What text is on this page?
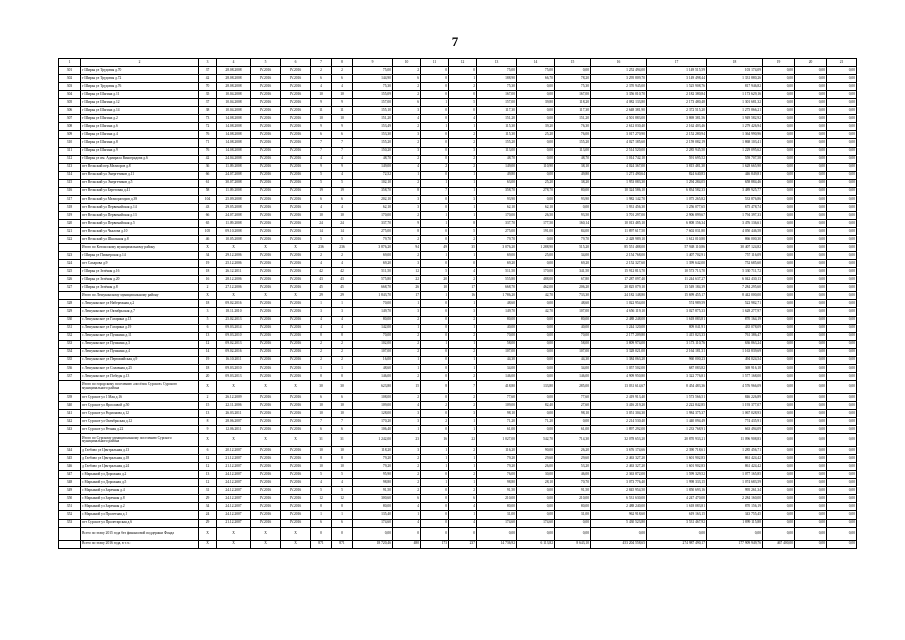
7
1	2	3	4	5	6	7	8	9	10	11	12	13	14	15	16	17	18	19	20	21
301	г Ширья ул Трудовая д.70	37	28.08.2008	IV.2016	IV.2016	2	2	75,00	2	0	0	75,00	75,00	0,00	1 252 494,00	1 149 515,59	103 174,09	0,00	0,00	0,00
302	г Ширья ул Трудовая д.72	42	28.08.2008	IV.2016	IV.2016	6	6	144,90	6	0	1	188,90	66,70	78,20	3 295 809,70	3 149 498,44	1 331 880,26	0,00	0,00	0,00
303	г Ширья ул Трудовая д.76	70	28.08.2008	IV.2016	IV.2016	4	4	75,30	2	0	2	75,30	0,00	75,30	2 370 945,00	1 525 908,76	817 946,82	0,00	0,00	0,00
304	г Ширья ул Шагина д.11	35	10.04.2008	IV.2016	IV.2016	10	10	155,09	2	0	0	167,00	0,00	167,00	3 356 010,70	2 182 380,84	1 173 629,16	0,00	0,00	0,00
305	г Ширья ул Шагина д.12	37	10.04.2008	IV.2016	IV.2016	9	9	157,00	6	1	5	157,00	39,80	118,20	4 082 133,80	2 173 480,48	1 301 681,32	0,00	0,00	0,00
306	г Ширья ул Шагина д.14	38	10.04.2008	IV.2016	IV.2016	11	11	155,10	3	0	0	117,30	0,00	117,30	2 648 381,90	2 372 515,20	1 275 866,21	0,00	0,00	0,00
307	г Ширья ул Шагина д.2	73	14.08.2008	IV.2016	IV.2016	10	10	151,20	4	0	4	151,20	0,00	151,20	4 501 883,00	3 869 381,56	1 949 582,92	0,00	0,00	0,00
308	г Ширья ул Шагина д.6	72	14.08.2008	IV.2016	IV.2016	9	9	153,49	2	1	1	115,30	39,20	76,30	2 612 030,40	2 162 403,46	1 279 426,94	0,00	0,00	0,00
309	г Ширья ул Шагина д.4	76	14.08.2008	IV.2016	IV.2016	6	6	153,30	3	0	2	115,30	25,20	76,00	3 017 270,90	2 152 280,94	1 364 990,96	0,00	0,00	0,00
310	г Ширья ул Шагина д.8	71	14.08.2008	IV.2016	IV.2016	7	7	155,20	2	0	2	155,20	0,00	155,20	4 027 185,60	2 159 082,19	1 868 103,41	0,00	0,00	0,00
311	г Ширья ул Шагина д.9	76	14.08.2008	IV.2016	IV.2016	7	7	150,20	3	0	3	113,00	0,00	113,00	2 514 520,00	2 285 945,50	1 229 095,62	0,00	0,00	0,00
312	г Ширья ул им. Адмирала Виноградова д.6	42	24.04.2008	IV.2016	IV.2016	4	4	48,70	2	0	2	48,70	0,00	48,70	1 014 742,10	591 695,52	559 707,58	0,00	0,00	0,00
313	пгт Вельский пер.Мелиоров д.8	36	11.09.2008	IV.2016	IV.2016	9	9	149,00	4	2	2	149,00	110,90	38,10	4 024 367,00	3 815 481,30	1 628 665,90	0,00	0,00	0,00
314	пгт Вельский ул Энергетиков д.11	66	24.07.2008	IV.2016	IV.2016	5	4	72,52	1	0	1	49,80	0,00	49,80	1 271 490,64	824 640,83	446 849,81	0,00	0,00	0,00
315	пгт Вельский ул Энергетиков д.5	61	30.07.2008	IV.2016	IV.2016	5	5	102,10	2	1	1	63,00	25,20	38,20	1 953 083,30	1 294 284,05	658 884,46	0,00	0,00	0,00
316	пгт Вельский ул Береговая д.41	58	11.09.2008	IV.2016	IV.2016	19	19	358,70	8	7	1	358,70	278,70	80,00	10 324 586,10	6 834 582,33	3 489 925,77	0,00	0,00	0,00
317	пгт Вельский ул Мелиораторов д.39	104	25.09.2008	IV.2016	IV.2016	6	6	202,10	3	0	3	93,90	0,00	93,90	1 982 142,70	1 075 265,82	533 876,86	0,00	0,00	0,00
318	пгт Вельский ул Первомайская д.14	43	29.05.2008	IV.2016	IV.2016	4	4	62,10	3	0	1	62,10	62,10	0,00	1 931 456,30	1 256 077,65	675 478,74	0,00	0,00	0,00
319	пгт Вельский ул Первомайская д.13	66	24.07.2008	IV.2016	IV.2016	10	10	170,00	2	1	1	170,00	26,50	93,50	3 701 297,00	2 906 899,67	1 794 397,33	0,00	0,00	0,00
320	пгт Вельский ул Первомайская д.5	65	11.09.2008	IV.2016	IV.2016	24	24	337,70	9	1	8	337,70	177,50	160,14	10 013 485,10	6 808 156,34	3 476 136,61	0,00	0,00	0,00
321	пгт Вельский ул Чкалова д.10	105	09.10.2008	IV.2016	IV.2016	14	14	275,00	8	0	5	275,00	191,00	84,00	11 897 617,50	7 602 031,80	4 050 446,58	0,00	0,00	0,00
322	пгт Вельский ул Школьная д.8	46	10.05.2008	IV.2016	IV.2016	5	5	79,70	2	0	2	79,70	0,00	79,70	2 428 989,10	1 612 010,80	866 000,30	0,00	0,00	0,00
	Итого по Котласскому муниципальному району	X	X	X	X	236	236	3 876,20	94	49	35	3 076,20	1 288,90	515,20	85 551 488,00	57 948 110,86	30 407 124,82	0,00	0,00	0,00
323	г Ширья ул Пионерская д.14	34	29.12.2006	IV.2016	IV.2016	2	2	69,00	2	1	1	69,00	25,00	34,00	2 154 768,00	1 407 702,91	757 116,09	0,00	0,00	0,00
324	пгт Сахарова д.9	19	25.12.2006	IV.2016	IV.2016	4	4	69,20	3	0	0	69,20	0,00	69,20	2 152 327,60	1 399 642,00	752 685,60	0,00	0,00	0,00
325	г Ширья ул Зелёная д.16	18	26.12.2011	IV.2016	IV.2016	42	42	511,50	12	5	4	511,50	170,00	341,50	15 912 813,70	10 573 713,70	5 330 711,72	0,00	0,00	0,00
326	г Ширья ул Зелёная д.20	16	28.12.2006	IV.2016	IV.2016	43	43	575,80	22	20	2	555,80	488,00	67,80	17 287 097,40	11 244 637,27	6 042 430,13	0,00	0,00	0,00
327	г Ширья ул Зелёная д.8	2	27.12.2006	IV.2016	IV.2016	45	45	668,70	26	10	17	668,70	462,00	206,20	20 825 079,10	13 549 184,39	7 284 295,60	0,00	0,00	0,00
	Итого по Лешуконскому муниципальному району	X	X	X	X	29	29	1 843,70	17	1	16	1 786,20	42,70	733,30	24 182 148,80	15 699 455,17	8 442 000,00	0,00	0,00	0,00
328	с Лешуконское ул Набережная д.2	18	09.02.2016	IV.2016	IV.2016	1	1	70,00	1	0	1	48,60	0,00	48,60	1 022 954,00	574 989,59	522 982,71	0,00	0,00	0,00
329	с Лешуконское ул Октябрьская д.7	3	18.11.2010	IV.2016	IV.2016	3	3	149,70	3	0	3	149,70	42,70	107,00	4 656 119,10	3 027 875,33	1 628 277,97	0,00	0,00	0,00
330	с Лешуконское ул Гагарина д.13	5	25.02.2013	IV.2016	IV.2016	4	4	80,00	2	0	2	80,00	0,00	80,00	2 488 248,00	1 618 083,81	870 164,19	0,00	0,00	0,00
331	с Лешуконское ул Гагарина д.19	6	09.03.2014	IV.2016	IV.2016	4	4	142,00	1	0	1	40,00	0,00	40,00	1 244 120,00	809 041,91	435 078,09	0,00	0,00	0,00
332	с Лешуконское ул Пушкина д.11	13	09.03.2010	IV.2016	IV.2016	8	8	70,00	2	0	2	70,00	0,00	70,00	2 177 209,80	1 415 823,33	761 386,47	0,00	0,00	0,00
333	с Лешуконское ул Пушкина д.3	12	09.02.2013	IV.2016	IV.2016	2	2	102,00	2	1	1	58,00	0,00	58,00	3 809 974,00	3 173 110,76	636 863,24	0,00	0,00	0,00
334	с Лешуконское ул Пушкина д.4	14	09.02.2016	IV.2016	IV.2016	2	2	107,00	2	0	2	107,00	0,00	107,00	3 328 021,00	2 164 181,31	1 163 839,69	0,00	0,00	0,00
335	с Лешуконское ул Первомайская д.9	19	16.10.2011	IV.2016	IV.2016	2	2	16,00	1	0	1	44,30	0,00	44,30	1 384 063,20	960 000,23	494 024,54	0,00	0,00	0,00
336	с Лешуконское ул Сплавная д.25	18	09.03.2010	IV.2016	IV.2016	1	1	48,60	1	0	1	34,00	0,00	34,00	1 057 502,00	687 083,82	369 916,18	0,00	0,00	0,00
337	с Лешуконское ул Победы д.13	20	09.03.2013	IV.2016	IV.2016	8	8	146,00	2	0	2	146,00	0,00	146,00	4 909 950,80	3 322 776,81	1 577 168,00	0,00	0,00	0,00
	Итого по городскому поселению «посёлок Сурское» Сурского муниципального района	X	X	X	X	30	30	623,80	15	8	7	418,80	133,80	285,00	13 031 614,67	8 454 483,36	4 576 966,09	0,00	0,00	0,00
339	пгт Сурское ул 1 Мая д.16	2	26.12.2009	IV.2016	IV.2016	6	6	108,00	2	0	2	77,60	0,00	77,60	2 419 913,40	1 573 566,51	846 226,89	0,00	0,00	0,00
340	пгт Сурское ул Ярославой д.50	15	22.11.2006	IV.2016	IV.2016	10	10	109,00	4	2	2	109,00	82,40	27,60	3 416 219,20	2 222 842,85	1 193 377,07	0,00	0,00	0,00
341	пгт Сурское ул Родионова д.12	13	26.03.2011	IV.2016	IV.2016	10	10	128,00	3	0	3	98,10	0,00	98,10	3 051 304,30	1 984 375,37	1 067 028,93	0,00	0,00	0,00
342	пгт Сурское ул Октябрьская д.12	8	28.06.2007	IV.2016	IV.2016	7	7	170,20	3	2	1	71,20	71,20	0,00	2 214 530,40	1 440 094,49	774 435,91	0,00	0,00	0,00
343	пгт Сурское ул Речная д.22	9	12.06.2011	IV.2016	IV.2016	6	6	106,40	1	0	1	61,00	0,00	61,00	1 897 292,00	1 233 768,91	663 494,09	0,00	0,00	0,00
	Итого по Сурскому муниципальному поселению Сурского муниципального района	X	X	X	X	31	31	1 242,00	23	16	22	1 027,00	542,70	714,30	32 078 653,20	20 870 933,21	11 096 908,83	0,00	0,00	0,00
344	д Глебово ул Центральная д.13	6	20.12.2007	IV.2016	IV.2016	10	10	118,20	3	1	2	116,20	90,00	26,20	3 676 174,66	2 390 718,61	1 285 456,71	0,00	0,00	0,00
345	д Глебово ул Центральная д.18	12	21.12.2007	IV.2016	IV.2016	8	8	79,20	2	1	1	79,20	29,60	29,60	2 463 327,20	1 601 902,83	861 424,42	0,00	0,00	0,00
346	д Глебово ул Центральная д.24	12	21.12.2007	IV.2016	IV.2016	10	10	79,20	2	1	1	79,20	26,00	53,20	2 463 327,20	1 601 902,83	861 424,42	0,00	0,00	0,00
347	с Марьиной ул Дорожная д.2	13	24.12.2007	IV.2016	IV.2016	5	5	95,90	2	0	2	76,00	30,00	46,00	2 363 872,00	1 599 329,52	1 077 165,85	0,00	0,00	0,00
348	с Марьиной ул Дорожная д.5	12	24.12.2007	IV.2016	IV.2016	4	4	98,80	2	1	1	98,80	28,10	70,70	3 073 776,40	1 998 333,15	1 074 683,59	0,00	0,00	0,00
349	с Марьиной ул Заречная д.4	31	24.12.2007	IV.2016	IV.2016	5	5	91,50	2	0	2	91,50	0,00	91,50	2 845 954,50	1 850 693,16	995 261,34	0,00	0,00	0,00
350	с Марьиной ул Заречная д.8	29	24.12.2007	IV.2016	IV.2016	12	12	300,60	6	0	6	210,00	0,00	210,00	6 531 630,00	4 247 470,00	2 284 160,00	0,00	0,00	0,00
351	с Марьиной ул Заречная д.2	34	24.12.2007	IV.2016	IV.2016	8	8	80,00	4	0	4	80,00	0,00	80,00	2 488 240,00	1 618 083,81	870 156,19	0,00	0,00	0,00
352	с Марьиной ул Пролетная д.1	24	24.12.2007	IV.2016	IV.2016	1	1	135,40	1	0	1	31,00	0,00	31,00	962 918,60	619 163,15	343 755,45	0,00	0,00	0,00
353	пгт Сурское ул Пролетарская д.6	29	21.12.2007	IV.2016	IV.2016	6	6	174,60	4	0	4	174,60	174,60	0,00	5 430 523,80	3 531 467,92	1 899 115,88	0,00	0,00	0,00
	Всего по этапу 2015 года без финансовой поддержки Фонда	X	X	X	X	0	0	0,00	0	0	0	0,00	0,00	0,00	0,00	0,00	0,00	0,00	0,00	0,00
	Всего по этапу 2016 года, в т.ч.:	X	X	X	X	871	871	18 720,46	480	173	237	14 736,92	6 113,82	8 643,10	453 204 558,65	274 987 490,17	177 909 949,76	467 400,00	0,00	0,00
